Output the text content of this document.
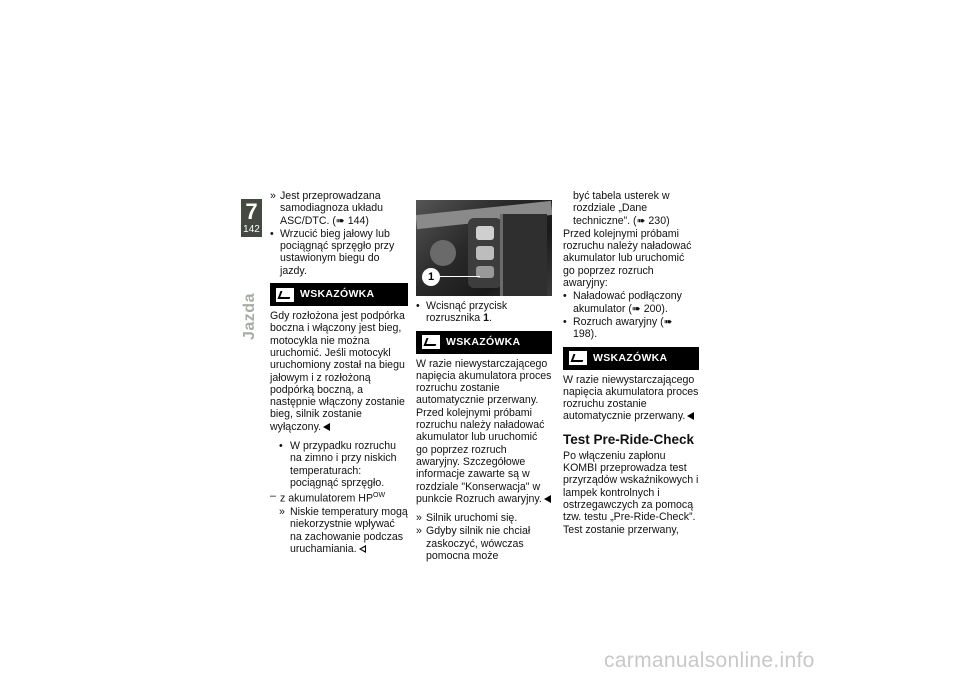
7
142
Jazda
» Jest przeprowadzana samodiagnoza układu ASC/DTC. (➠ 144)
• Wrzucić bieg jałowy lub pociągnąć sprzęgło przy ustawionym biegu do jazdy.
WSKAZÓWKA
Gdy rozłożona jest podpórka boczna i włączony jest bieg, motocykla nie można uruchomić. Jeśli motocykl uruchomiony został na biegu jałowym i z rozłożoną podpórką boczną, a następnie włączony zostanie bieg, silnik zostanie wyłączony.
• W przypadku rozruchu na zimno i przy niskich temperaturach: pociągnąć sprzęgło.
– z akumulatorem $HP^{OW}$
» Niskie temperatury mogą niekorzystnie wpływać na zachowanie podczas uruchamiania.
1
• Wcisnąć przycisk rozrusznika 1.
WSKAZÓWKA
W razie niewystarczającego napięcia akumulatora proces rozruchu zostanie automatycznie przerwany. Przed kolejnymi próbami rozruchu należy naładować akumulator lub uruchomić go poprzez rozruch awaryjny. Szczegółowe informacje zawarte są w rozdziale "Konserwacja" w punkcie Rozruch awaryjny.
» Silnik uruchomi się.
» Gdyby silnik nie chciał zaskoczyć, wówczas pomocna może
być tabela usterek w rozdziale „Dane techniczne”. (➠ 230)
Przed kolejnymi próbami rozruchu należy naładować akumulator lub uruchomić go poprzez rozruch awaryjny:
• Naładować podłączony akumulator (➠ 200).
• Rozruch awaryjny (➠ 198).
WSKAZÓWKA
W razie niewystarczającego napięcia akumulatora proces rozruchu zostanie automatycznie przerwany.
Test Pre-Ride-Check
Po włączeniu zapłonu KOMBI przeprowadza test przyrządów wskaźnikowych i lampek kontrolnych i ostrzegawczych za pomocą tzw. testu „Pre-Ride-Check”. Test zostanie przerwany,
carmanualsonline.info
